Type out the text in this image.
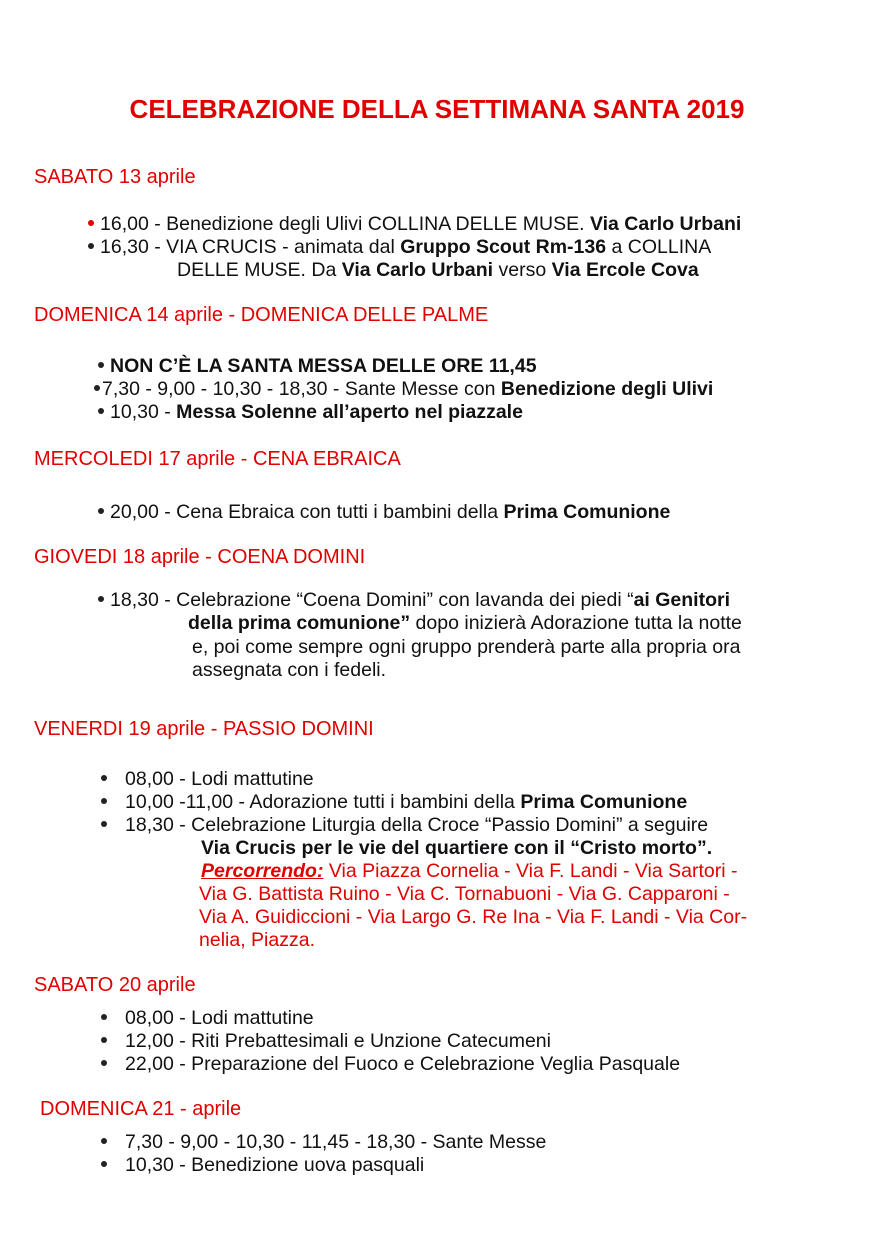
CELEBRAZIONE DELLA SETTIMANA SANTA 2019
SABATO 13 aprile
16,00 - Benedizione degli Ulivi COLLINA DELLE MUSE. Via Carlo Urbani
16,30 - VIA CRUCIS - animata dal Gruppo Scout Rm-136 a COLLINA
DELLE MUSE. Da Via Carlo Urbani verso Via Ercole Cova
DOMENICA 14 aprile - DOMENICA DELLE PALME
NON C’È LA SANTA MESSA DELLE ORE 11,45
7,30 - 9,00 - 10,30 - 18,30 - Sante Messe con Benedizione degli Ulivi
10,30 - Messa Solenne all’aperto nel piazzale
MERCOLEDI 17 aprile - CENA EBRAICA
20,00 - Cena Ebraica con tutti i bambini della Prima Comunione
GIOVEDI 18 aprile - COENA DOMINI
18,30 - Celebrazione “Coena Domini” con lavanda dei piedi “ai Genitori
della prima comunione” dopo inizierà Adorazione tutta la notte
e, poi come sempre ogni gruppo prenderà parte alla propria ora
assegnata con i fedeli.
VENERDI 19 aprile - PASSIO DOMINI
08,00 - Lodi mattutine
10,00 -11,00 - Adorazione tutti i bambini della Prima Comunione
18,30 - Celebrazione Liturgia della Croce “Passio Domini” a seguire
Via Crucis per le vie del quartiere con il “Cristo morto”.
Percorrendo: Via Piazza Cornelia - Via F. Landi - Via Sartori -
Via G. Battista Ruino - Via C. Tornabuoni - Via G. Capparoni -
Via A. Guidiccioni - Via Largo G. Re Ina - Via F. Landi - Via Cor-
nelia, Piazza.
SABATO 20 aprile
08,00 - Lodi mattutine
12,00 - Riti Prebattesimali e Unzione Catecumeni
22,00 - Preparazione del Fuoco e Celebrazione Veglia Pasquale
DOMENICA 21 - aprile
7,30 - 9,00 - 10,30 - 11,45 - 18,30 - Sante Messe
10,30 - Benedizione uova pasquali
